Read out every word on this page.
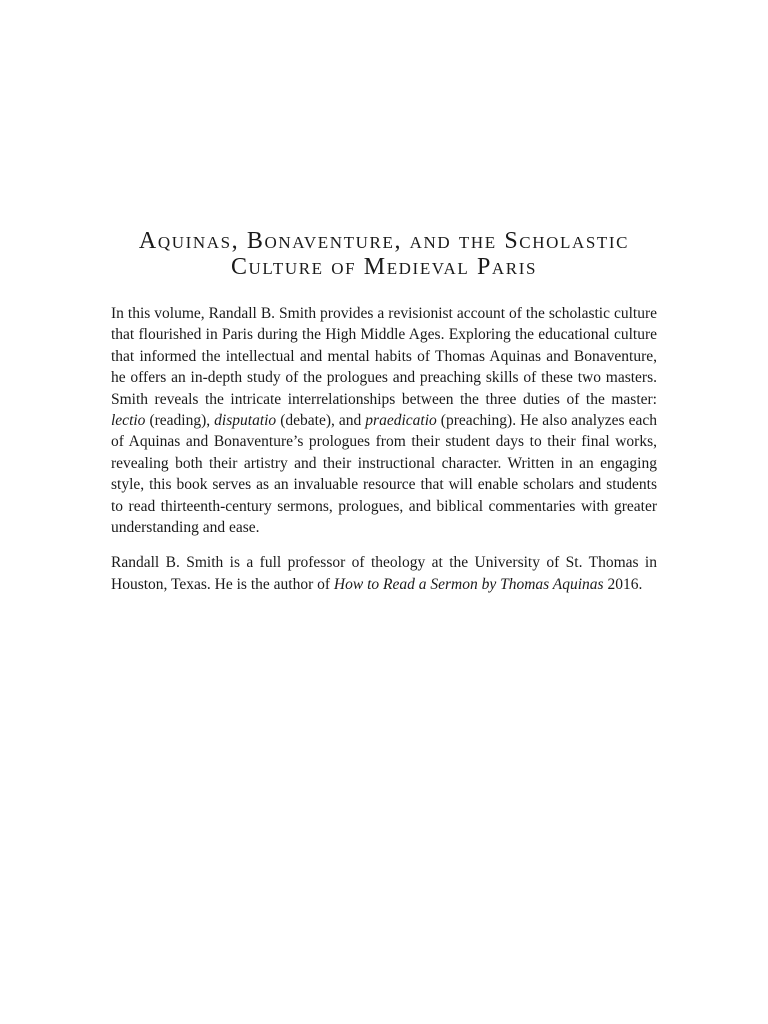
Aquinas, Bonaventure, and the Scholastic
Culture of Medieval Paris

In this volume, Randall B. Smith provides a revisionist account of the scholastic culture that flourished in Paris during the High Middle Ages. Exploring the educational culture that informed the intellectual and mental habits of Thomas Aquinas and Bonaventure, he offers an in-depth study of the prologues and preaching skills of these two masters. Smith reveals the intricate interrelationships between the three duties of the master: lectio (reading), disputatio (debate), and praedicatio (preaching). He also analyzes each of Aquinas and Bonaventure’s prologues from their student days to their final works, revealing both their artistry and their instructional character. Written in an engaging style, this book serves as an invaluable resource that will enable scholars and students to read thirteenth-century sermons, prologues, and biblical commentaries with greater understanding and ease.

Randall B. Smith is a full professor of theology at the University of St. Thomas in Houston, Texas. He is the author of How to Read a Sermon by Thomas Aquinas 2016.
